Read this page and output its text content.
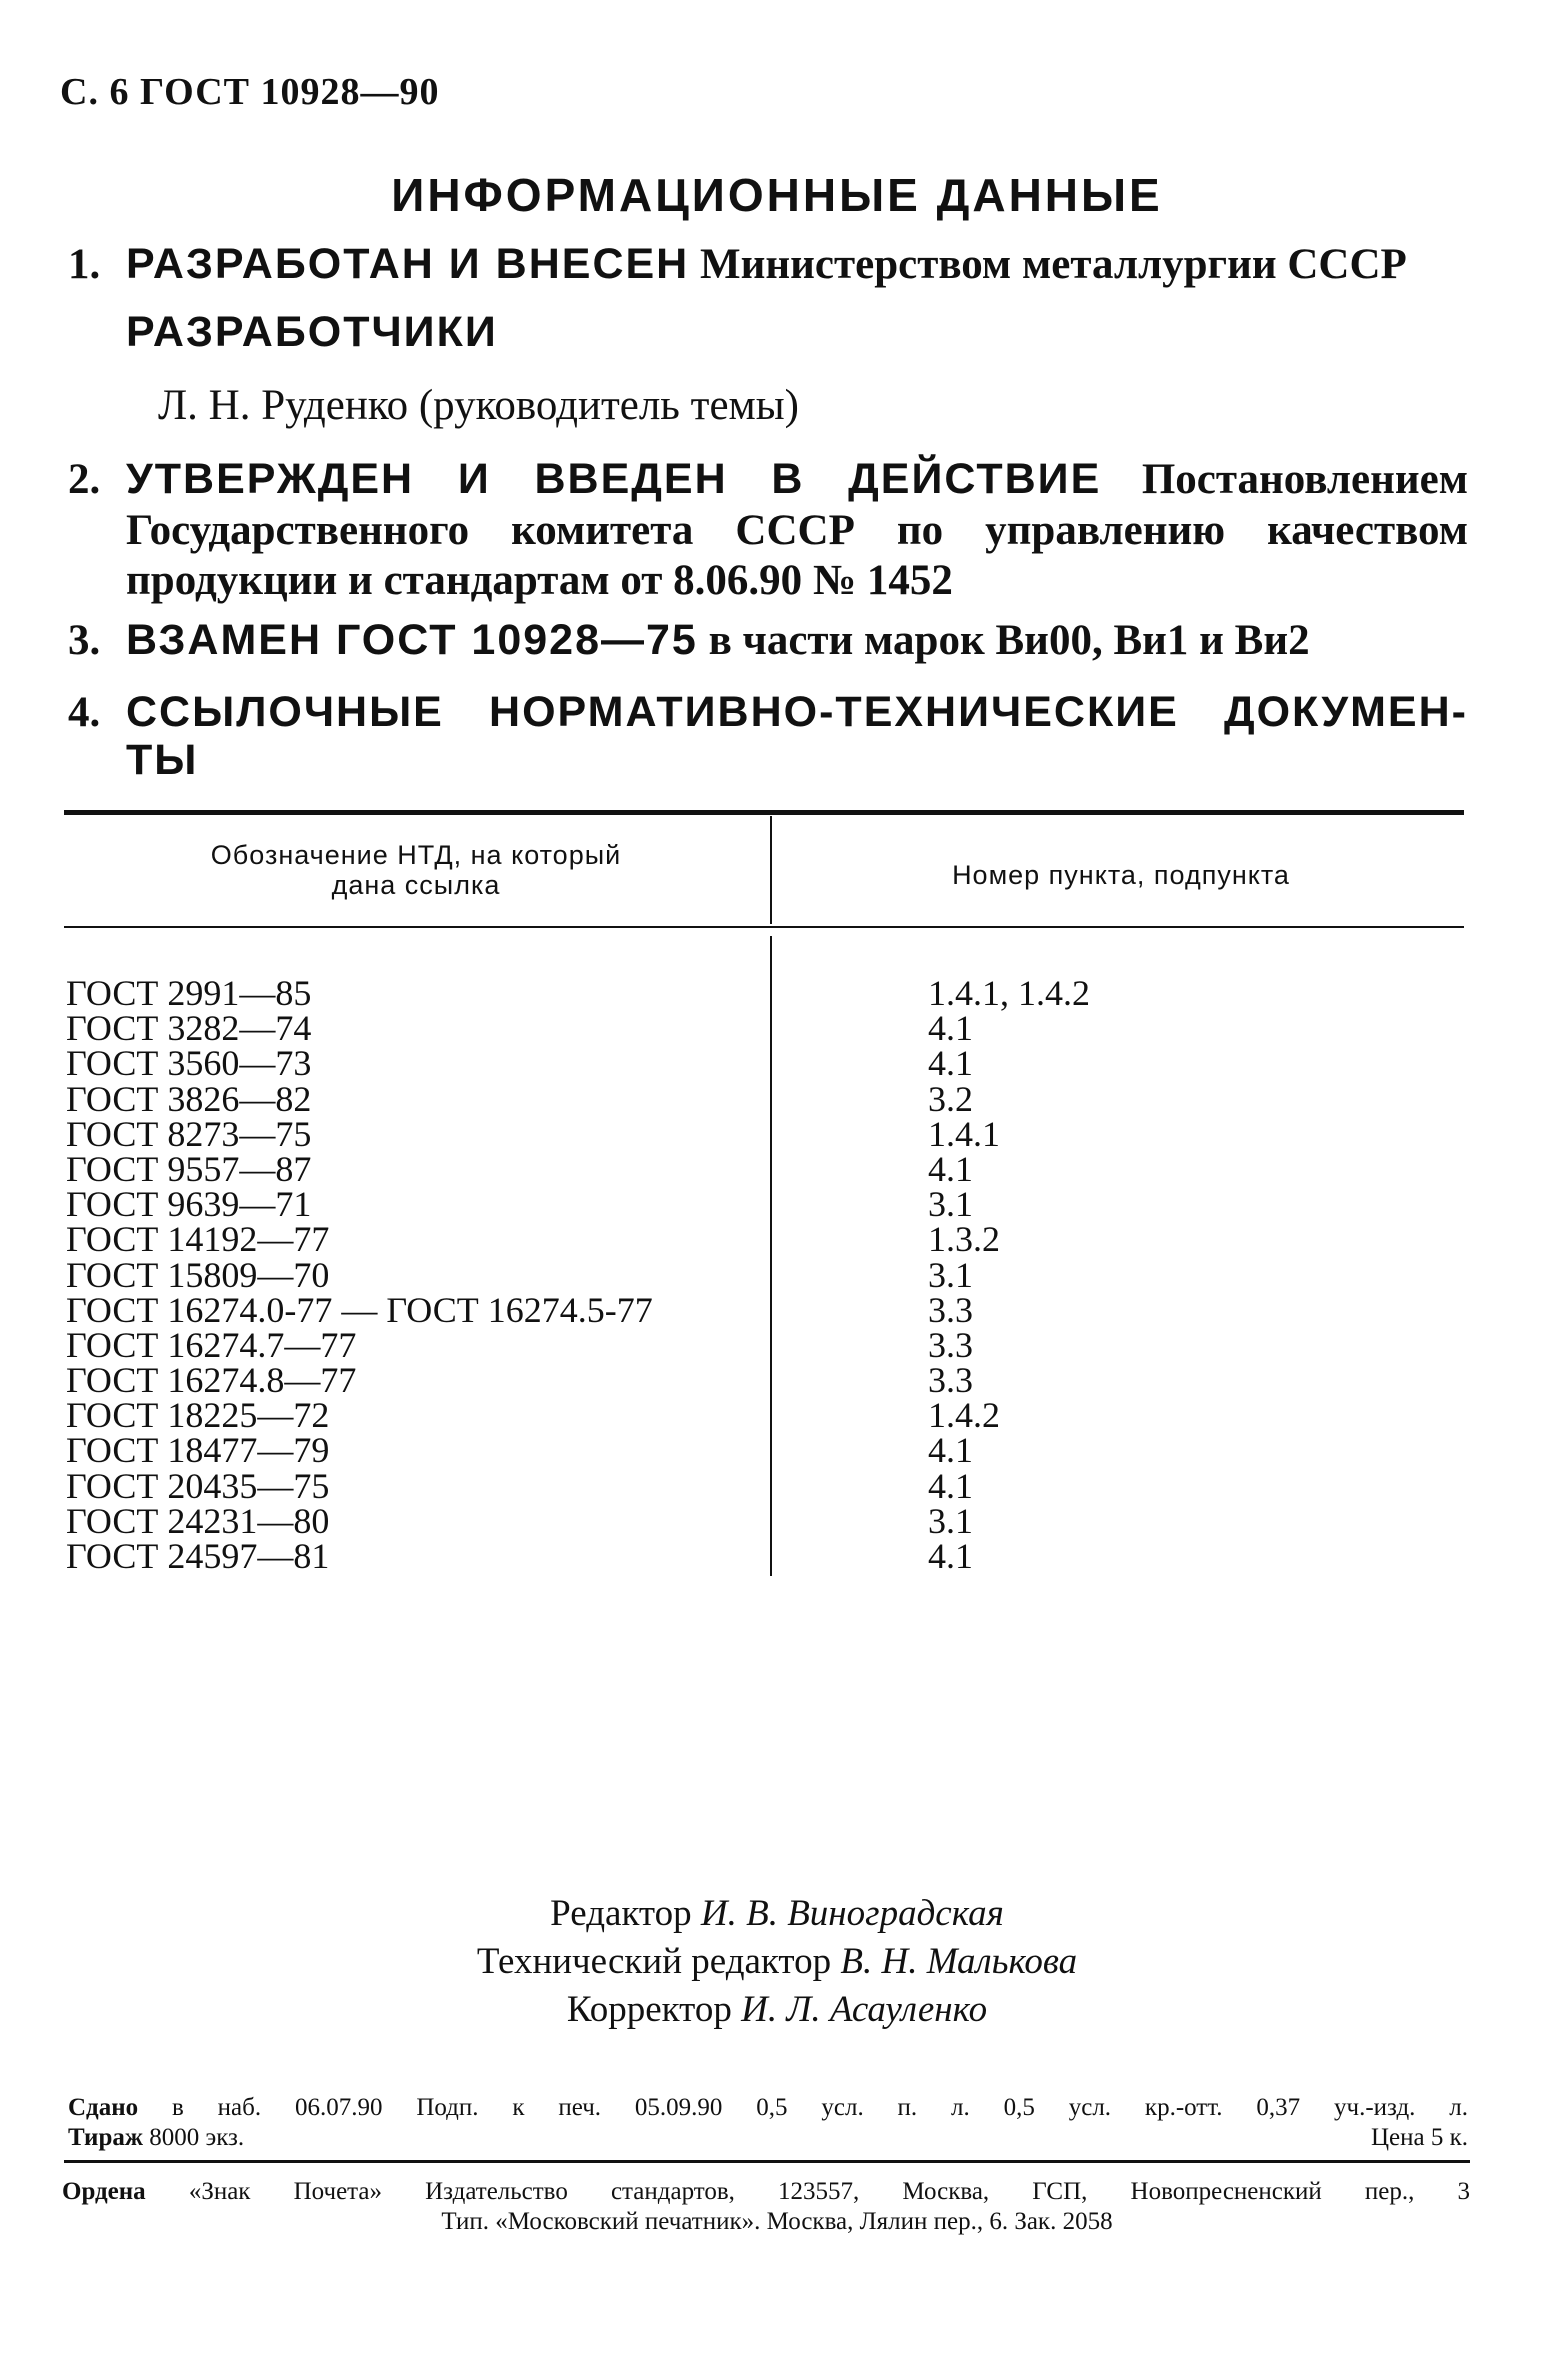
С. 6 ГОСТ 10928—90
ИНФОРМАЦИОННЫЕ ДАННЫЕ
1. РАЗРАБОТАН И ВНЕСЕН Министерством металлургии СССР
РАЗРАБОТЧИКИ
Л. Н. Руденко (руководитель темы)
2. УТВЕРЖДЕН И ВВЕДЕН В ДЕЙСТВИЕ Постановлением
Государственного комитета СССР по управлению качеством
продукции и стандартам от 8.06.90 № 1452
3. ВЗАМЕН ГОСТ 10928—75 в части марок Ви00, Ви1 и Ви2
4. ССЫЛОЧНЫЕ НОРМАТИВНО-ТЕХНИЧЕСКИЕ ДОКУМЕН-
ТЫ
Обозначение НТД, на который
дана ссылка	Номер пункта, подпункта
ГОСТ 2991—85	1.4.1, 1.4.2
ГОСТ 3282—74	4.1
ГОСТ 3560—73	4.1
ГОСТ 3826—82	3.2
ГОСТ 8273—75	1.4.1
ГОСТ 9557—87	4.1
ГОСТ 9639—71	3.1
ГОСТ 14192—77	1.3.2
ГОСТ 15809—70	3.1
ГОСТ 16274.0-77 — ГОСТ 16274.5-77	3.3
ГОСТ 16274.7—77	3.3
ГОСТ 16274.8—77	3.3
ГОСТ 18225—72	1.4.2
ГОСТ 18477—79	4.1
ГОСТ 20435—75	4.1
ГОСТ 24231—80	3.1
ГОСТ 24597—81	4.1
Редактор И. В. Виноградская
Технический редактор В. Н. Малькова
Корректор И. Л. Асауленко
Сдано в наб. 06.07.90 Подп. к печ. 05.09.90 0,5 усл. п. л. 0,5 усл. кр.-отт. 0,37 уч.-изд. л.
Тираж 8000 экз.	Цена 5 к.
Ордена «Знак Почета» Издательство стандартов, 123557, Москва, ГСП, Новопресненский пер., 3
Тип. «Московский печатник». Москва, Лялин пер., 6. Зак. 2058
